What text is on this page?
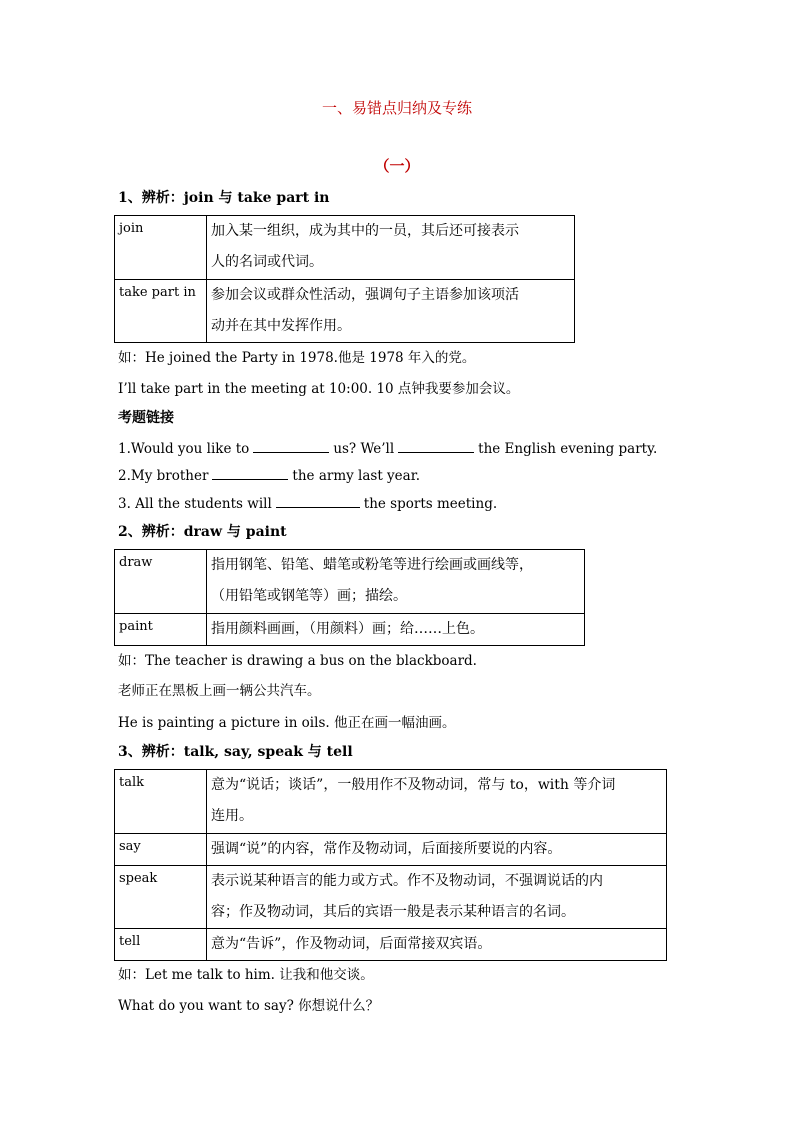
一、易错点归纳及专练
（一）
1、辨析：join 与 take part in
join	加入某一组织，成为其中的一员，其后还可接表示
人的名词或代词。

take part in	参加会议或群众性活动，强调句子主语参加该项活
动并在其中发挥作用。
如：He joined the Party in 1978.他是 1978 年入的党。
I’ll take part in the meeting at 10:00. 10 点钟我要参加会议。
考题链接
1.Would you like to	us? We’ll	the English evening party.
2.My brother	the army last year.
3. All the students will	the sports meeting.
2、辨析：draw 与 paint
draw	指用钢笔、铅笔、蜡笔或粉笔等进行绘画或画线等，
（用铅笔或钢笔等）画；描绘。

paint	指用颜料画画，（用颜料）画；给……上色。
如：The teacher is drawing a bus on the blackboard.
老师正在黑板上画一辆公共汽车。
He is painting a picture in oils. 他正在画一幅油画。
3、辨析：talk, say, speak 与 tell
talk	意为“说话；谈话”，一般用作不及物动词，常与 to，with 等介词
连用。

say	强调“说”的内容，常作及物动词，后面接所要说的内容。

speak	表示说某种语言的能力或方式。作不及物动词，不强调说话的内
容；作及物动词，其后的宾语一般是表示某种语言的名词。

tell	意为“告诉”，作及物动词，后面常接双宾语。
如：Let me talk to him. 让我和他交谈。
What do you want to say? 你想说什么？
